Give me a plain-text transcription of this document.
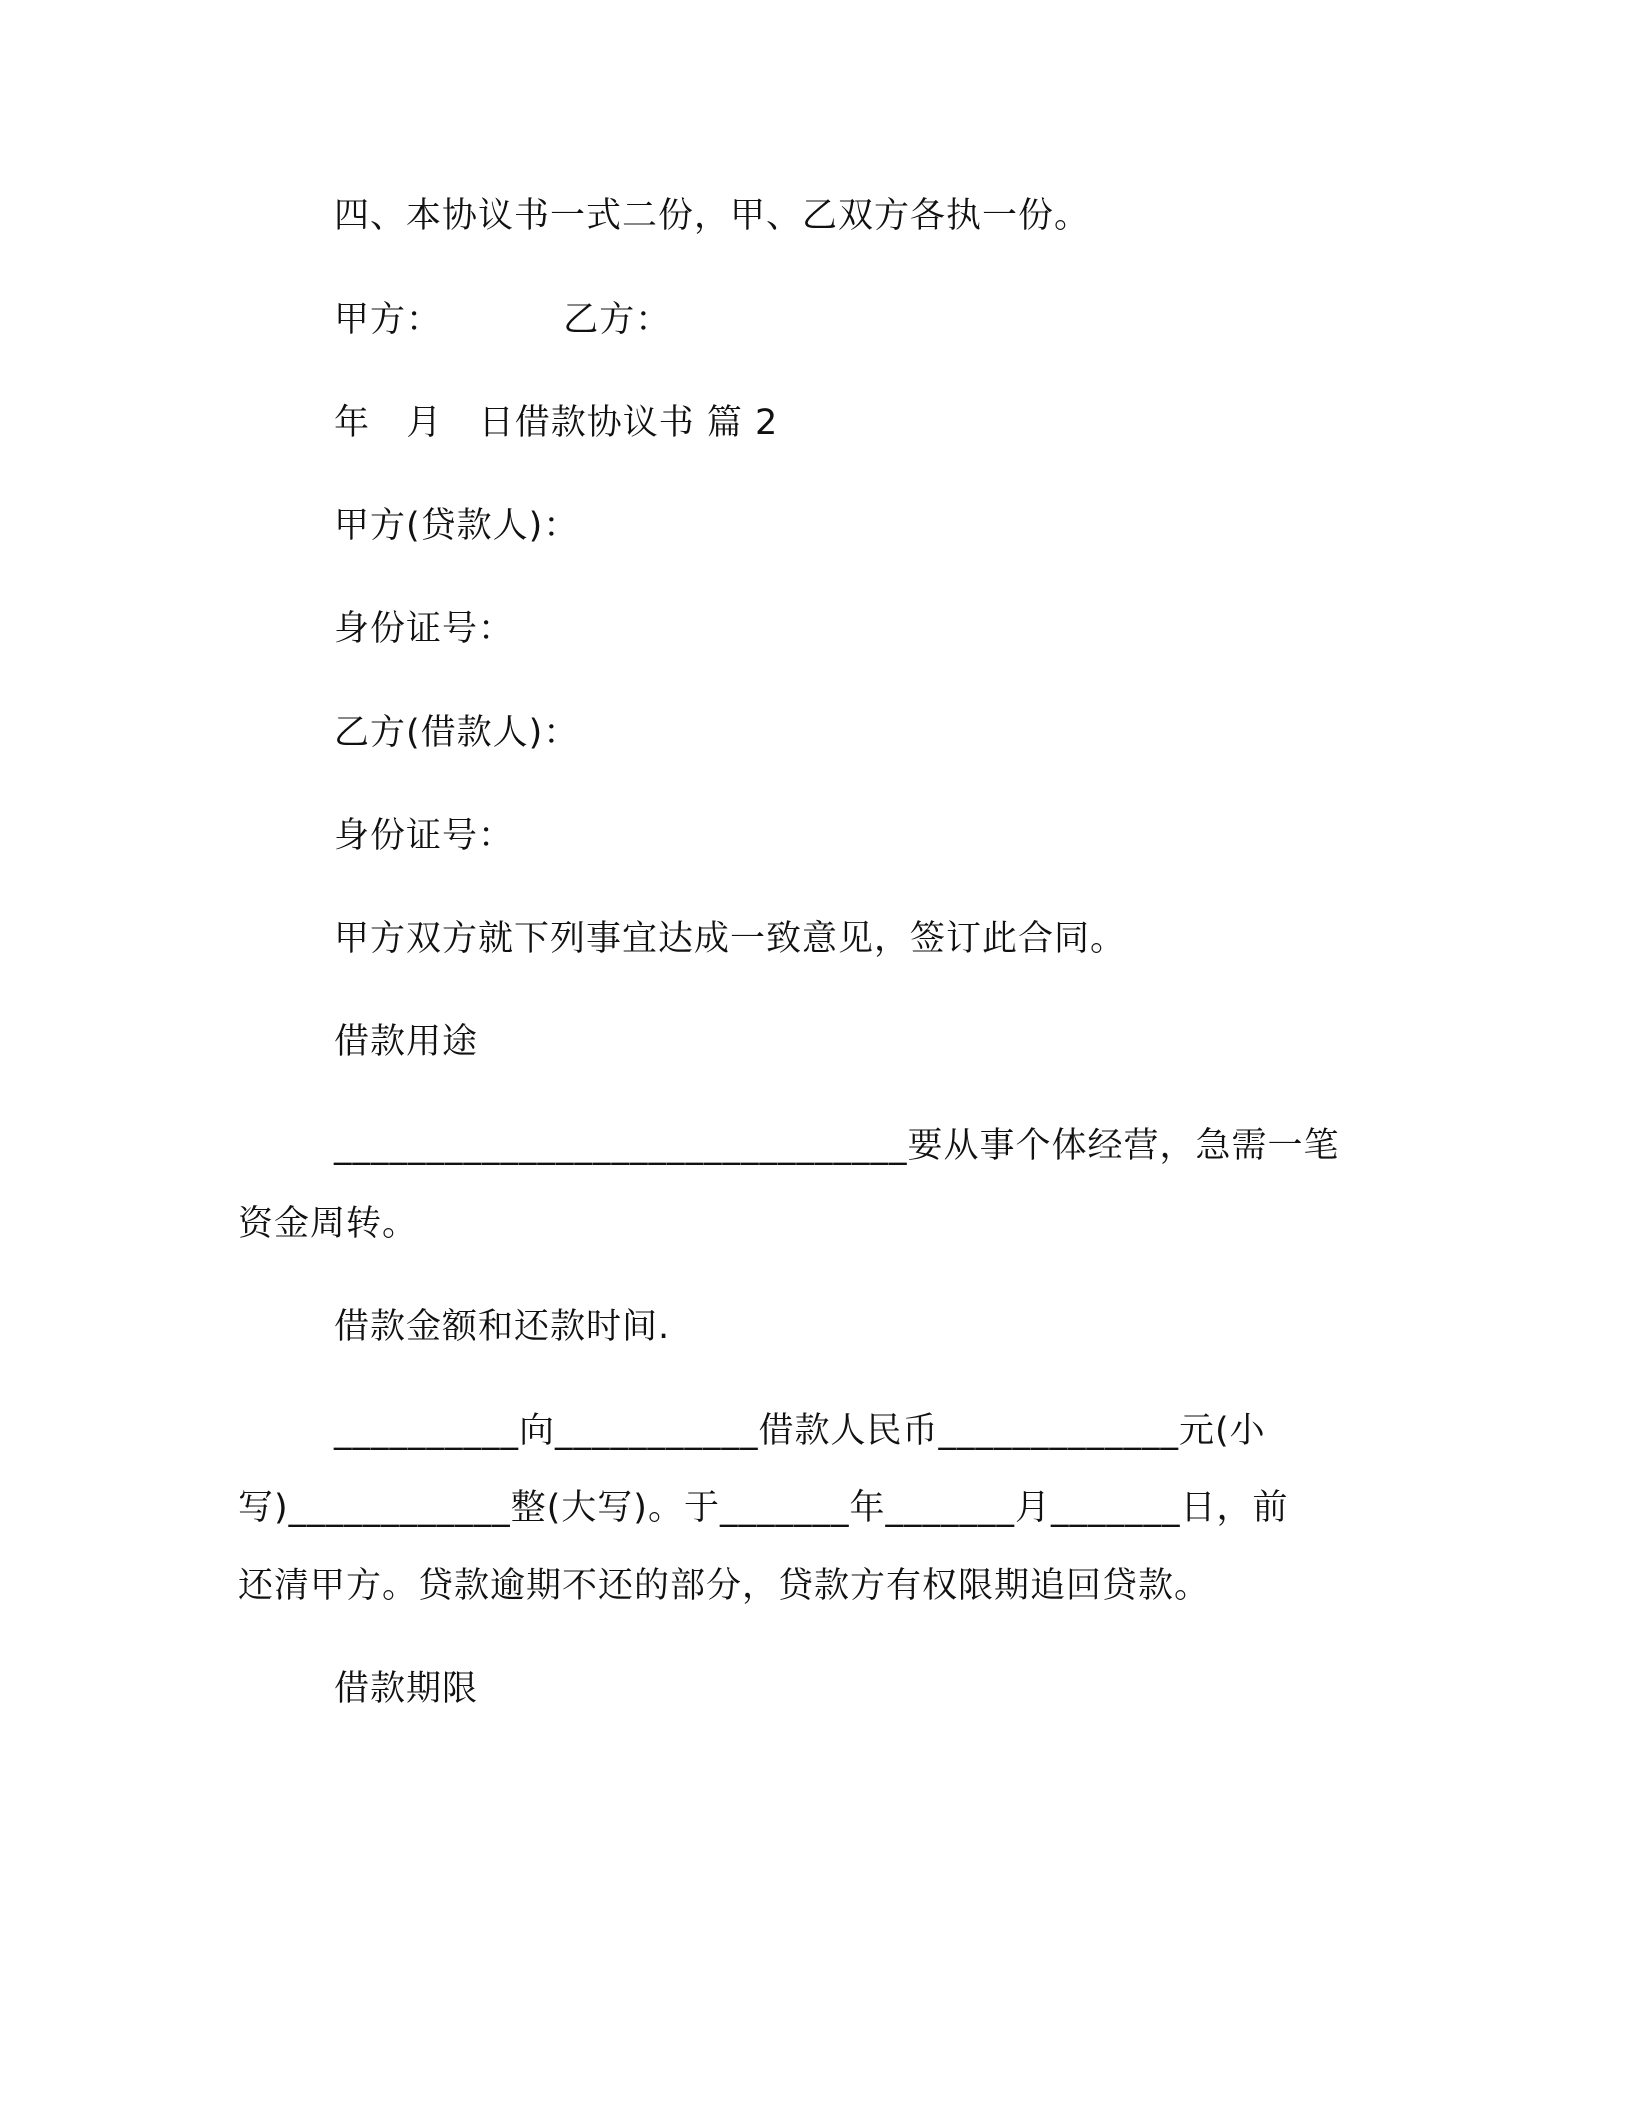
四、本协议书一式二份，甲、乙双方各执一份。
甲方：          乙方：
年   月   日借款协议书 篇 2
甲方(贷款人)：
身份证号：
乙方(借款人)：
身份证号：
甲方双方就下列事宜达成一致意见，签订此合同。
借款用途
_______________________________要从事个体经营，急需一笔
资金周转。
借款金额和还款时间.
__________向___________借款人民币_____________元(小
写)____________整(大写)。于_______年_______月_______日，前
还清甲方。贷款逾期不还的部分，贷款方有权限期追回贷款。
借款期限
